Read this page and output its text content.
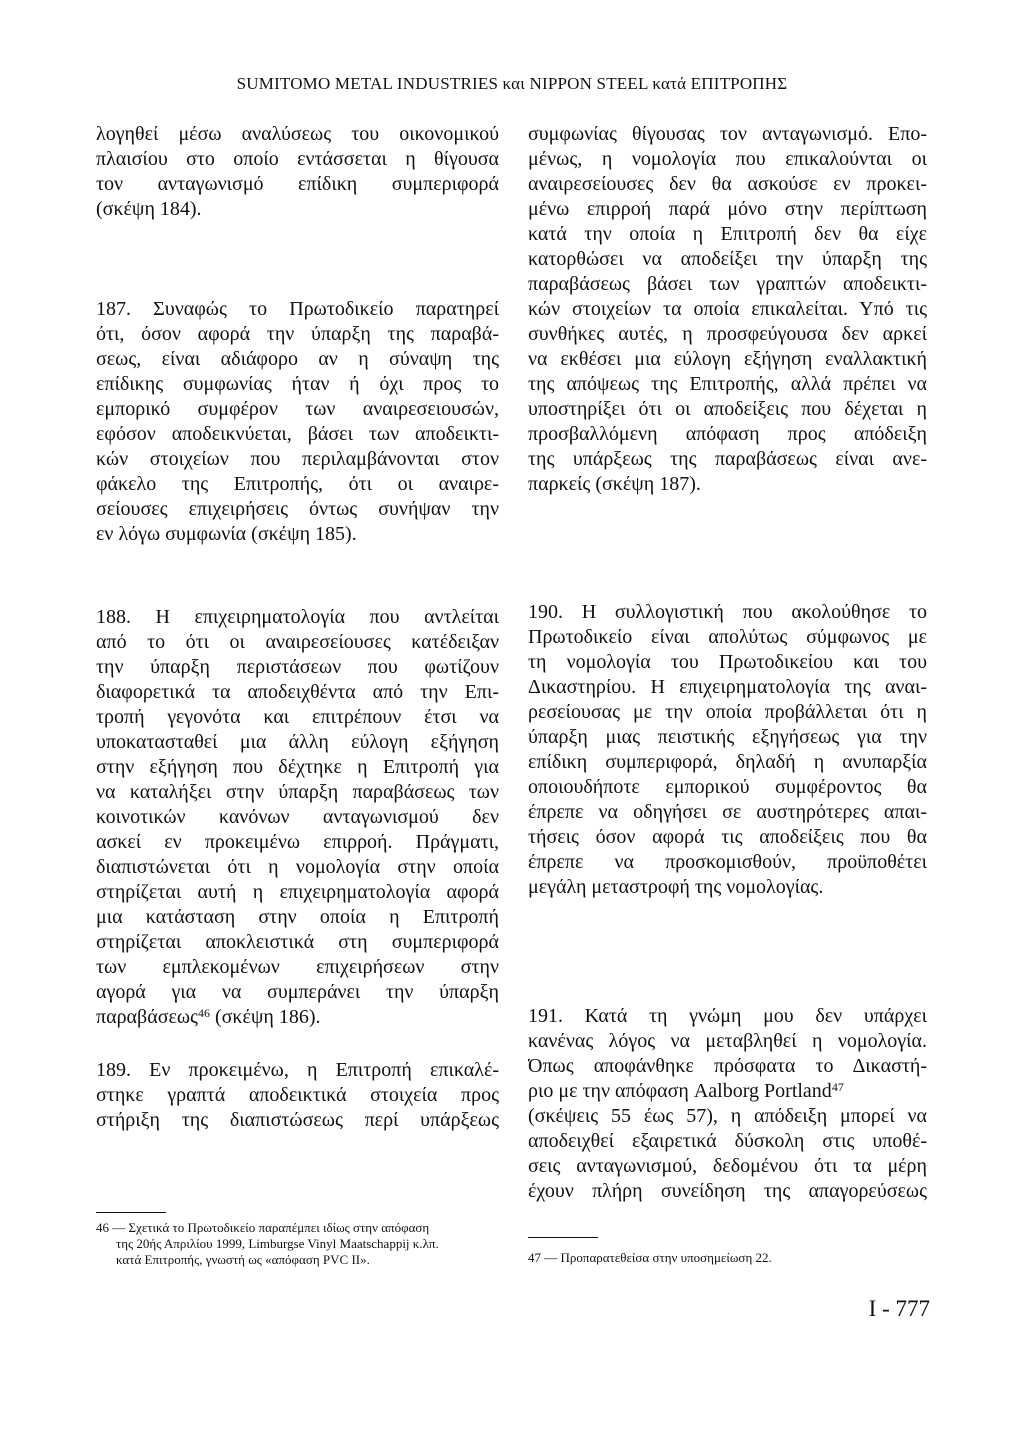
SUMITOMO METAL INDUSTRIES και NIPPON STEEL κατά ΕΠΙΤΡΟΠΗΣ
λογηθεί μέσω αναλύσεως του οικονομικού
πλαισίου στο οποίο εντάσσεται η θίγουσα
τον ανταγωνισμό επίδικη συμπεριφορά
(σκέψη 184).
187. Συναφώς το Πρωτοδικείο παρατηρεί
ότι, όσον αφορά την ύπαρξη της παραβά-
σεως, είναι αδιάφορο αν η σύναψη της
επίδικης συμφωνίας ήταν ή όχι προς το
εμπορικό συμφέρον των αναιρεσειουσών,
εφόσον αποδεικνύεται, βάσει των αποδεικτι-
κών στοιχείων που περιλαμβάνονται στον
φάκελο της Επιτροπής, ότι οι αναιρε-
σείουσες επιχειρήσεις όντως συνήψαν την
εν λόγω συμφωνία (σκέψη 185).
188. Η επιχειρηματολογία που αντλείται
από το ότι οι αναιρεσείουσες κατέδειξαν
την ύπαρξη περιστάσεων που φωτίζουν
διαφορετικά τα αποδειχθέντα από την Επι-
τροπή γεγονότα και επιτρέπουν έτσι να
υποκατασταθεί μια άλλη εύλογη εξήγηση
στην εξήγηση που δέχτηκε η Επιτροπή για
να καταλήξει στην ύπαρξη παραβάσεως των
κοινοτικών κανόνων ανταγωνισμού δεν
ασκεί εν προκειμένω επιρροή. Πράγματι,
διαπιστώνεται ότι η νομολογία στην οποία
στηρίζεται αυτή η επιχειρηματολογία αφορά
μια κατάσταση στην οποία η Επιτροπή
στηρίζεται αποκλειστικά στη συμπεριφορά
των εμπλεκομένων επιχειρήσεων στην
αγορά για να συμπεράνει την ύπαρξη
παραβάσεως$^{46}$ (σκέψη 186).
189. Εν προκειμένω, η Επιτροπή επικαλέ-
στηκε γραπτά αποδεικτικά στοιχεία προς
στήριξη της διαπιστώσεως περί υπάρξεως
συμφωνίας θίγουσας τον ανταγωνισμό. Επο-
μένως, η νομολογία που επικαλούνται οι
αναιρεσείουσες δεν θα ασκούσε εν προκει-
μένω επιρροή παρά μόνο στην περίπτωση
κατά την οποία η Επιτροπή δεν θα είχε
κατορθώσει να αποδείξει την ύπαρξη της
παραβάσεως βάσει των γραπτών αποδεικτι-
κών στοιχείων τα οποία επικαλείται. Υπό τις
συνθήκες αυτές, η προσφεύγουσα δεν αρκεί
να εκθέσει μια εύλογη εξήγηση εναλλακτική
της απόψεως της Επιτροπής, αλλά πρέπει να
υποστηρίξει ότι οι αποδείξεις που δέχεται η
προσβαλλόμενη απόφαση προς απόδειξη
της υπάρξεως της παραβάσεως είναι ανε-
παρκείς (σκέψη 187).
190. Η συλλογιστική που ακολούθησε το
Πρωτοδικείο είναι απολύτως σύμφωνος με
τη νομολογία του Πρωτοδικείου και του
Δικαστηρίου. Η επιχειρηματολογία της αναι-
ρεσείουσας με την οποία προβάλλεται ότι η
ύπαρξη μιας πειστικής εξηγήσεως για την
επίδικη συμπεριφορά, δηλαδή η ανυπαρξία
οποιουδήποτε εμπορικού συμφέροντος θα
έπρεπε να οδηγήσει σε αυστηρότερες απαι-
τήσεις όσον αφορά τις αποδείξεις που θα
έπρεπε να προσκομισθούν, προϋποθέτει
μεγάλη μεταστροφή της νομολογίας.
191. Κατά τη γνώμη μου δεν υπάρχει
κανένας λόγος να μεταβληθεί η νομολογία.
Όπως αποφάνθηκε πρόσφατα το Δικαστή-
ριο με την απόφαση Aalborg Portland$^{47}$
(σκέψεις 55 έως 57), η απόδειξη μπορεί να
αποδειχθεί εξαιρετικά δύσκολη στις υποθέ-
σεις ανταγωνισμού, δεδομένου ότι τα μέρη
έχουν πλήρη συνείδηση της απαγορεύσεως
46 — Σχετικά το Πρωτοδικείο παραπέμπει ιδίως στην απόφαση
της 20ής Απριλίου 1999, Limburgse Vinyl Maatschappij κ.λπ.
κατά Επιτροπής, γνωστή ως «απόφαση PVC II».	47 — Προπαρατεθείσα στην υποσημείωση 22.
I - 777
